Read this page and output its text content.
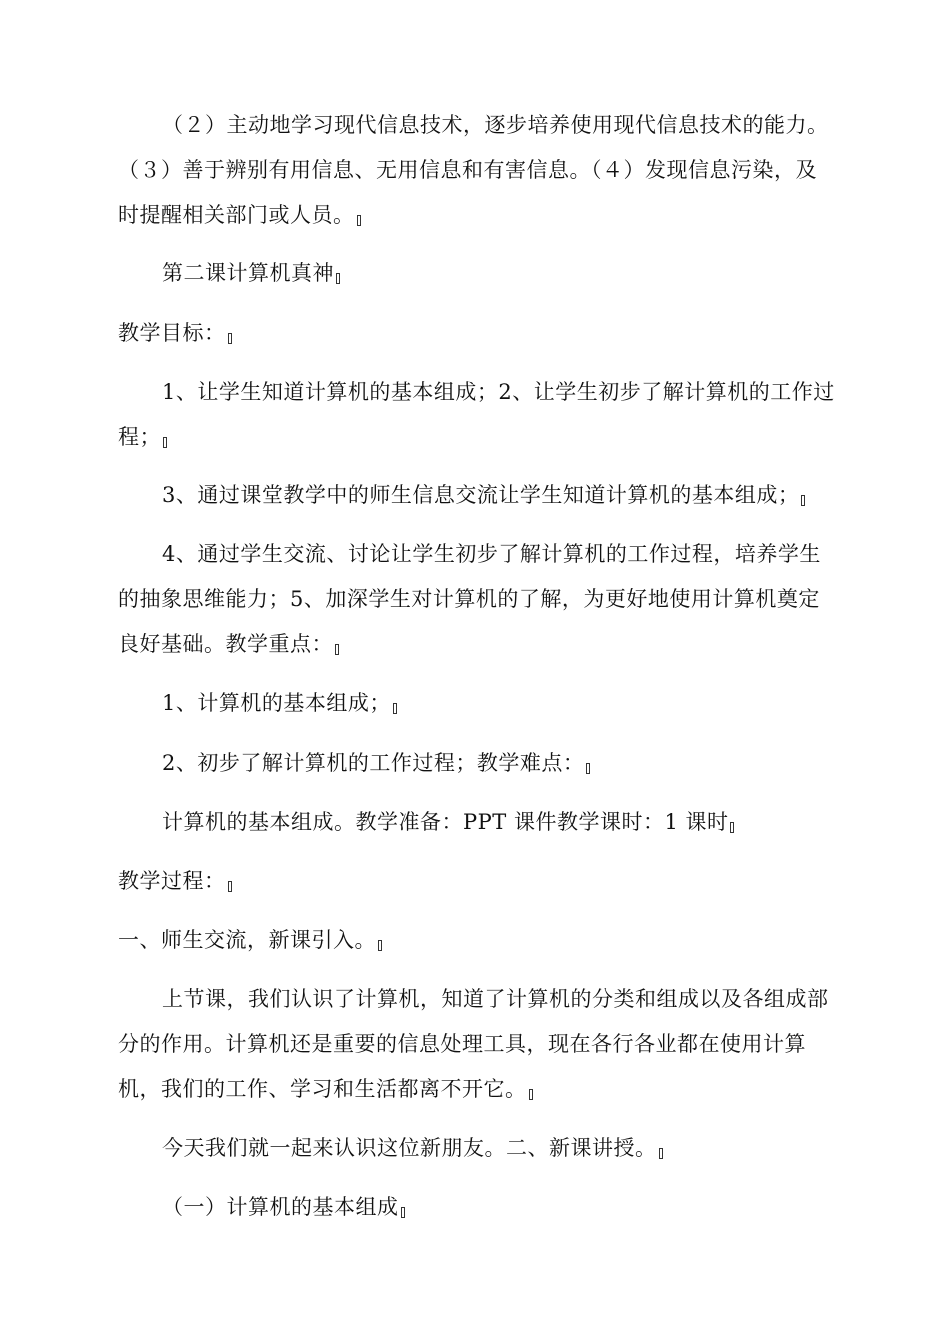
（２）主动地学习现代信息技术，逐步培养使用现代信息技术的能力。（３）善于辨别有用信息、无用信息和有害信息。（４）发现信息污染，及时提醒相关部门或人员。

第二课计算机真神

教学目标：

1、让学生知道计算机的基本组成；2、让学生初步了解计算机的工作过程；

3、通过课堂教学中的师生信息交流让学生知道计算机的基本组成；

4、通过学生交流、讨论让学生初步了解计算机的工作过程，培养学生的抽象思维能力；5、加深学生对计算机的了解，为更好地使用计算机奠定良好基础。教学重点：

1、计算机的基本组成；

2、初步了解计算机的工作过程；教学难点：

计算机的基本组成。教学准备：PPT 课件教学课时：1 课时

教学过程：

一、师生交流，新课引入。

上节课，我们认识了计算机，知道了计算机的分类和组成以及各组成部分的作用。计算机还是重要的信息处理工具，现在各行各业都在使用计算机，我们的工作、学习和生活都离不开它。

今天我们就一起来认识这位新朋友。二、新课讲授。

（一）计算机的基本组成
